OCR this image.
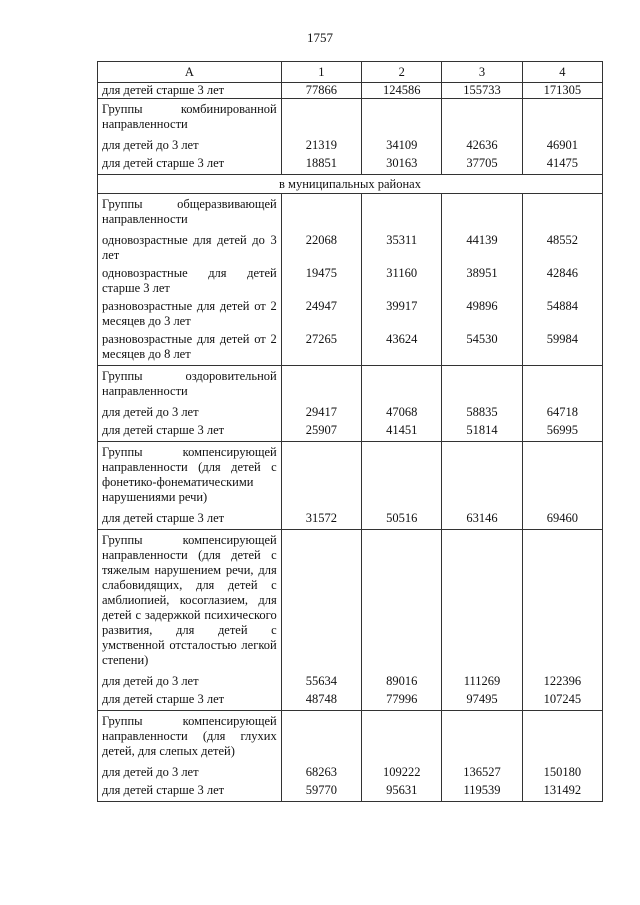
1757
A	1	2	3	4
для детей старше 3 лет	77866	124586	155733	171305
Группы комбинированной направленности				
для детей до 3 лет	21319	34109	42636	46901
для детей старше 3 лет	18851	30163	37705	41475
в муниципальных районах				
Группы общеразвивающей направленности				
одновозрастные для детей до 3 лет	22068	35311	44139	48552
одновозрастные для детей старше 3 лет	19475	31160	38951	42846
разновозрастные для детей от 2 месяцев до 3 лет	24947	39917	49896	54884
разновозрастные для детей от 2 месяцев до 8 лет	27265	43624	54530	59984
Группы оздоровительной направленности				
для детей до 3 лет	29417	47068	58835	64718
для детей старше 3 лет	25907	41451	51814	56995
Группы компенсирующей направленности (для детей с фонетико-фонематическими нарушениями речи)				
для детей старше 3 лет	31572	50516	63146	69460
Группы компенсирующей направленности (для детей с тяжелым нарушением речи, для слабовидящих, для детей с амблиопией, косоглазием, для детей с задержкой психического развития, для детей с умственной отсталостью легкой степени)				
для детей до 3 лет	55634	89016	111269	122396
для детей старше 3 лет	48748	77996	97495	107245
Группы компенсирующей направленности (для глухих детей, для слепых детей)				
для детей до 3 лет	68263	109222	136527	150180
для детей старше 3 лет	59770	95631	119539	131492
